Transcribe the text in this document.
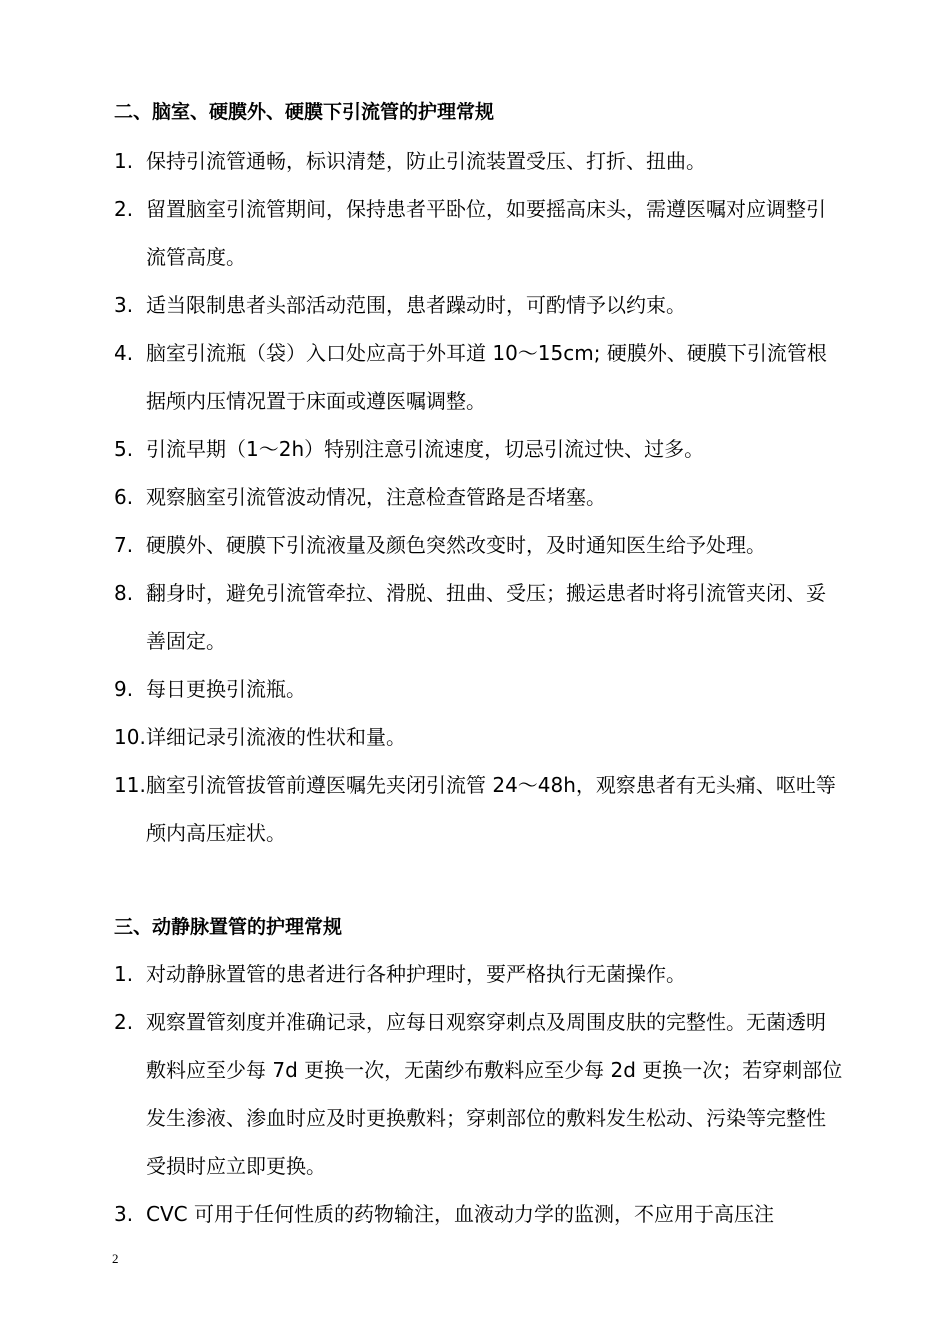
二、脑室、硬膜外、硬膜下引流管的护理常规
1. 保持引流管通畅，标识清楚，防止引流装置受压、打折、扭曲。
2. 留置脑室引流管期间，保持患者平卧位，如要摇高床头，需遵医嘱对应调整引流管高度。
3. 适当限制患者头部活动范围，患者躁动时，可酌情予以约束。
4. 脑室引流瓶（袋）入口处应高于外耳道 10～15cm; 硬膜外、硬膜下引流管根据颅内压情况置于床面或遵医嘱调整。
5. 引流早期（1～2h）特别注意引流速度，切忌引流过快、过多。
6. 观察脑室引流管波动情况，注意检查管路是否堵塞。
7. 硬膜外、硬膜下引流液量及颜色突然改变时，及时通知医生给予处理。
8. 翻身时，避免引流管牵拉、滑脱、扭曲、受压；搬运患者时将引流管夹闭、妥善固定。
9. 每日更换引流瓶。
10. 详细记录引流液的性状和量。
11. 脑室引流管拔管前遵医嘱先夹闭引流管 24～48h，观察患者有无头痛、呕吐等颅内高压症状。
三、动静脉置管的护理常规
1. 对动静脉置管的患者进行各种护理时，要严格执行无菌操作。
2. 观察置管刻度并准确记录，应每日观察穿刺点及周围皮肤的完整性。无菌透明敷料应至少每 7d 更换一次，无菌纱布敷料应至少每 2d 更换一次；若穿刺部位发生渗液、渗血时应及时更换敷料；穿刺部位的敷料发生松动、污染等完整性受损时应立即更换。
3. CVC 可用于任何性质的药物输注，血液动力学的监测，不应用于高压注
2
